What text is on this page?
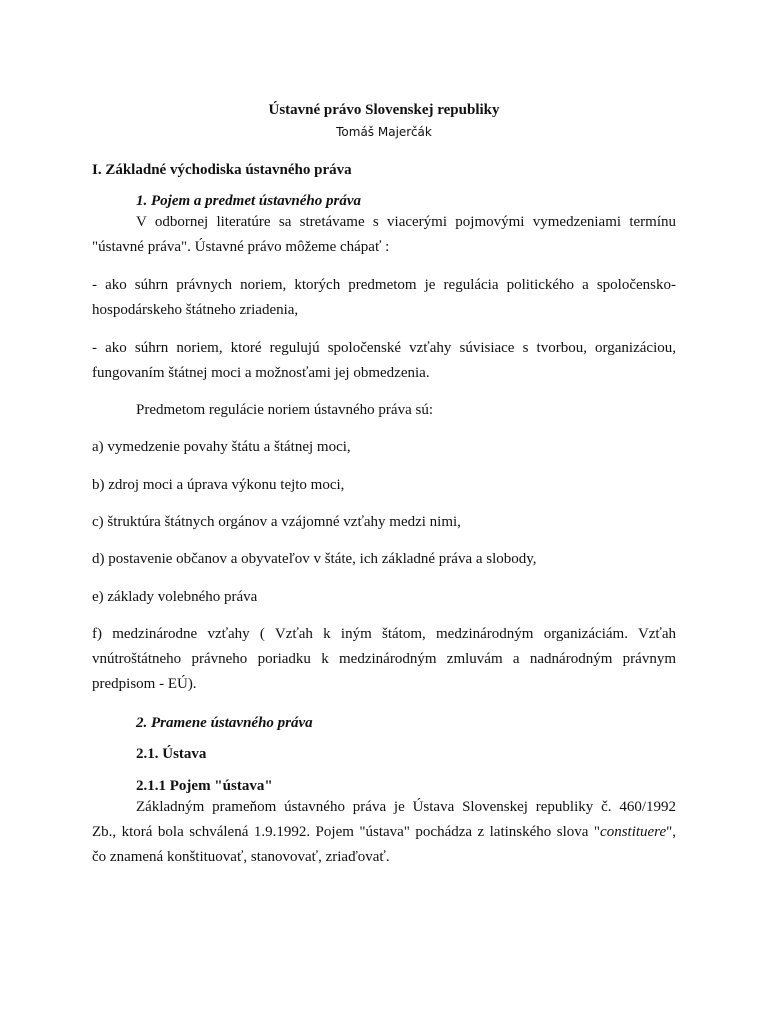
Ústavné právo Slovenskej republiky
Tomáš Majerčák
I. Základné východiska ústavného práva
1. Pojem a predmet ústavného práva
V odbornej literatúre sa stretávame s viacerými pojmovými vymedzeniami termínu
"ústavné práva". Ústavné právo môžeme chápať :
- ako súhrn právnych noriem, ktorých predmetom je regulácia politického a spoločensko-
hospodárskeho štátneho zriadenia,
- ako súhrn noriem, ktoré regulujú spoločenské vzťahy súvisiace s tvorbou, organizáciou,
fungovaním štátnej moci a možnosťami jej obmedzenia.
Predmetom regulácie noriem ústavného práva sú:
a) vymedzenie povahy štátu a štátnej moci,
b) zdroj moci a úprava výkonu tejto moci,
c) štruktúra štátnych orgánov a vzájomné vzťahy medzi nimi,
d) postavenie občanov a obyvateľov v štáte, ich základné práva a slobody,
e) základy volebného práva
f) medzinárodne vzťahy ( Vzťah k iným štátom, medzinárodným organizáciám. Vzťah
vnútroštátneho právneho poriadku k medzinárodným zmluvám a nadnárodným právnym
predpisom - EÚ).
2. Pramene ústavného práva
2.1. Ústava
2.1.1 Pojem "ústava"
Základným prameňom ústavného práva je Ústava Slovenskej republiky č. 460/1992
Zb., ktorá bola schválená 1.9.1992. Pojem "ústava" pochádza z latinského slova "constituere",
čo znamená konštituovať, stanovovať, zriaďovať.
